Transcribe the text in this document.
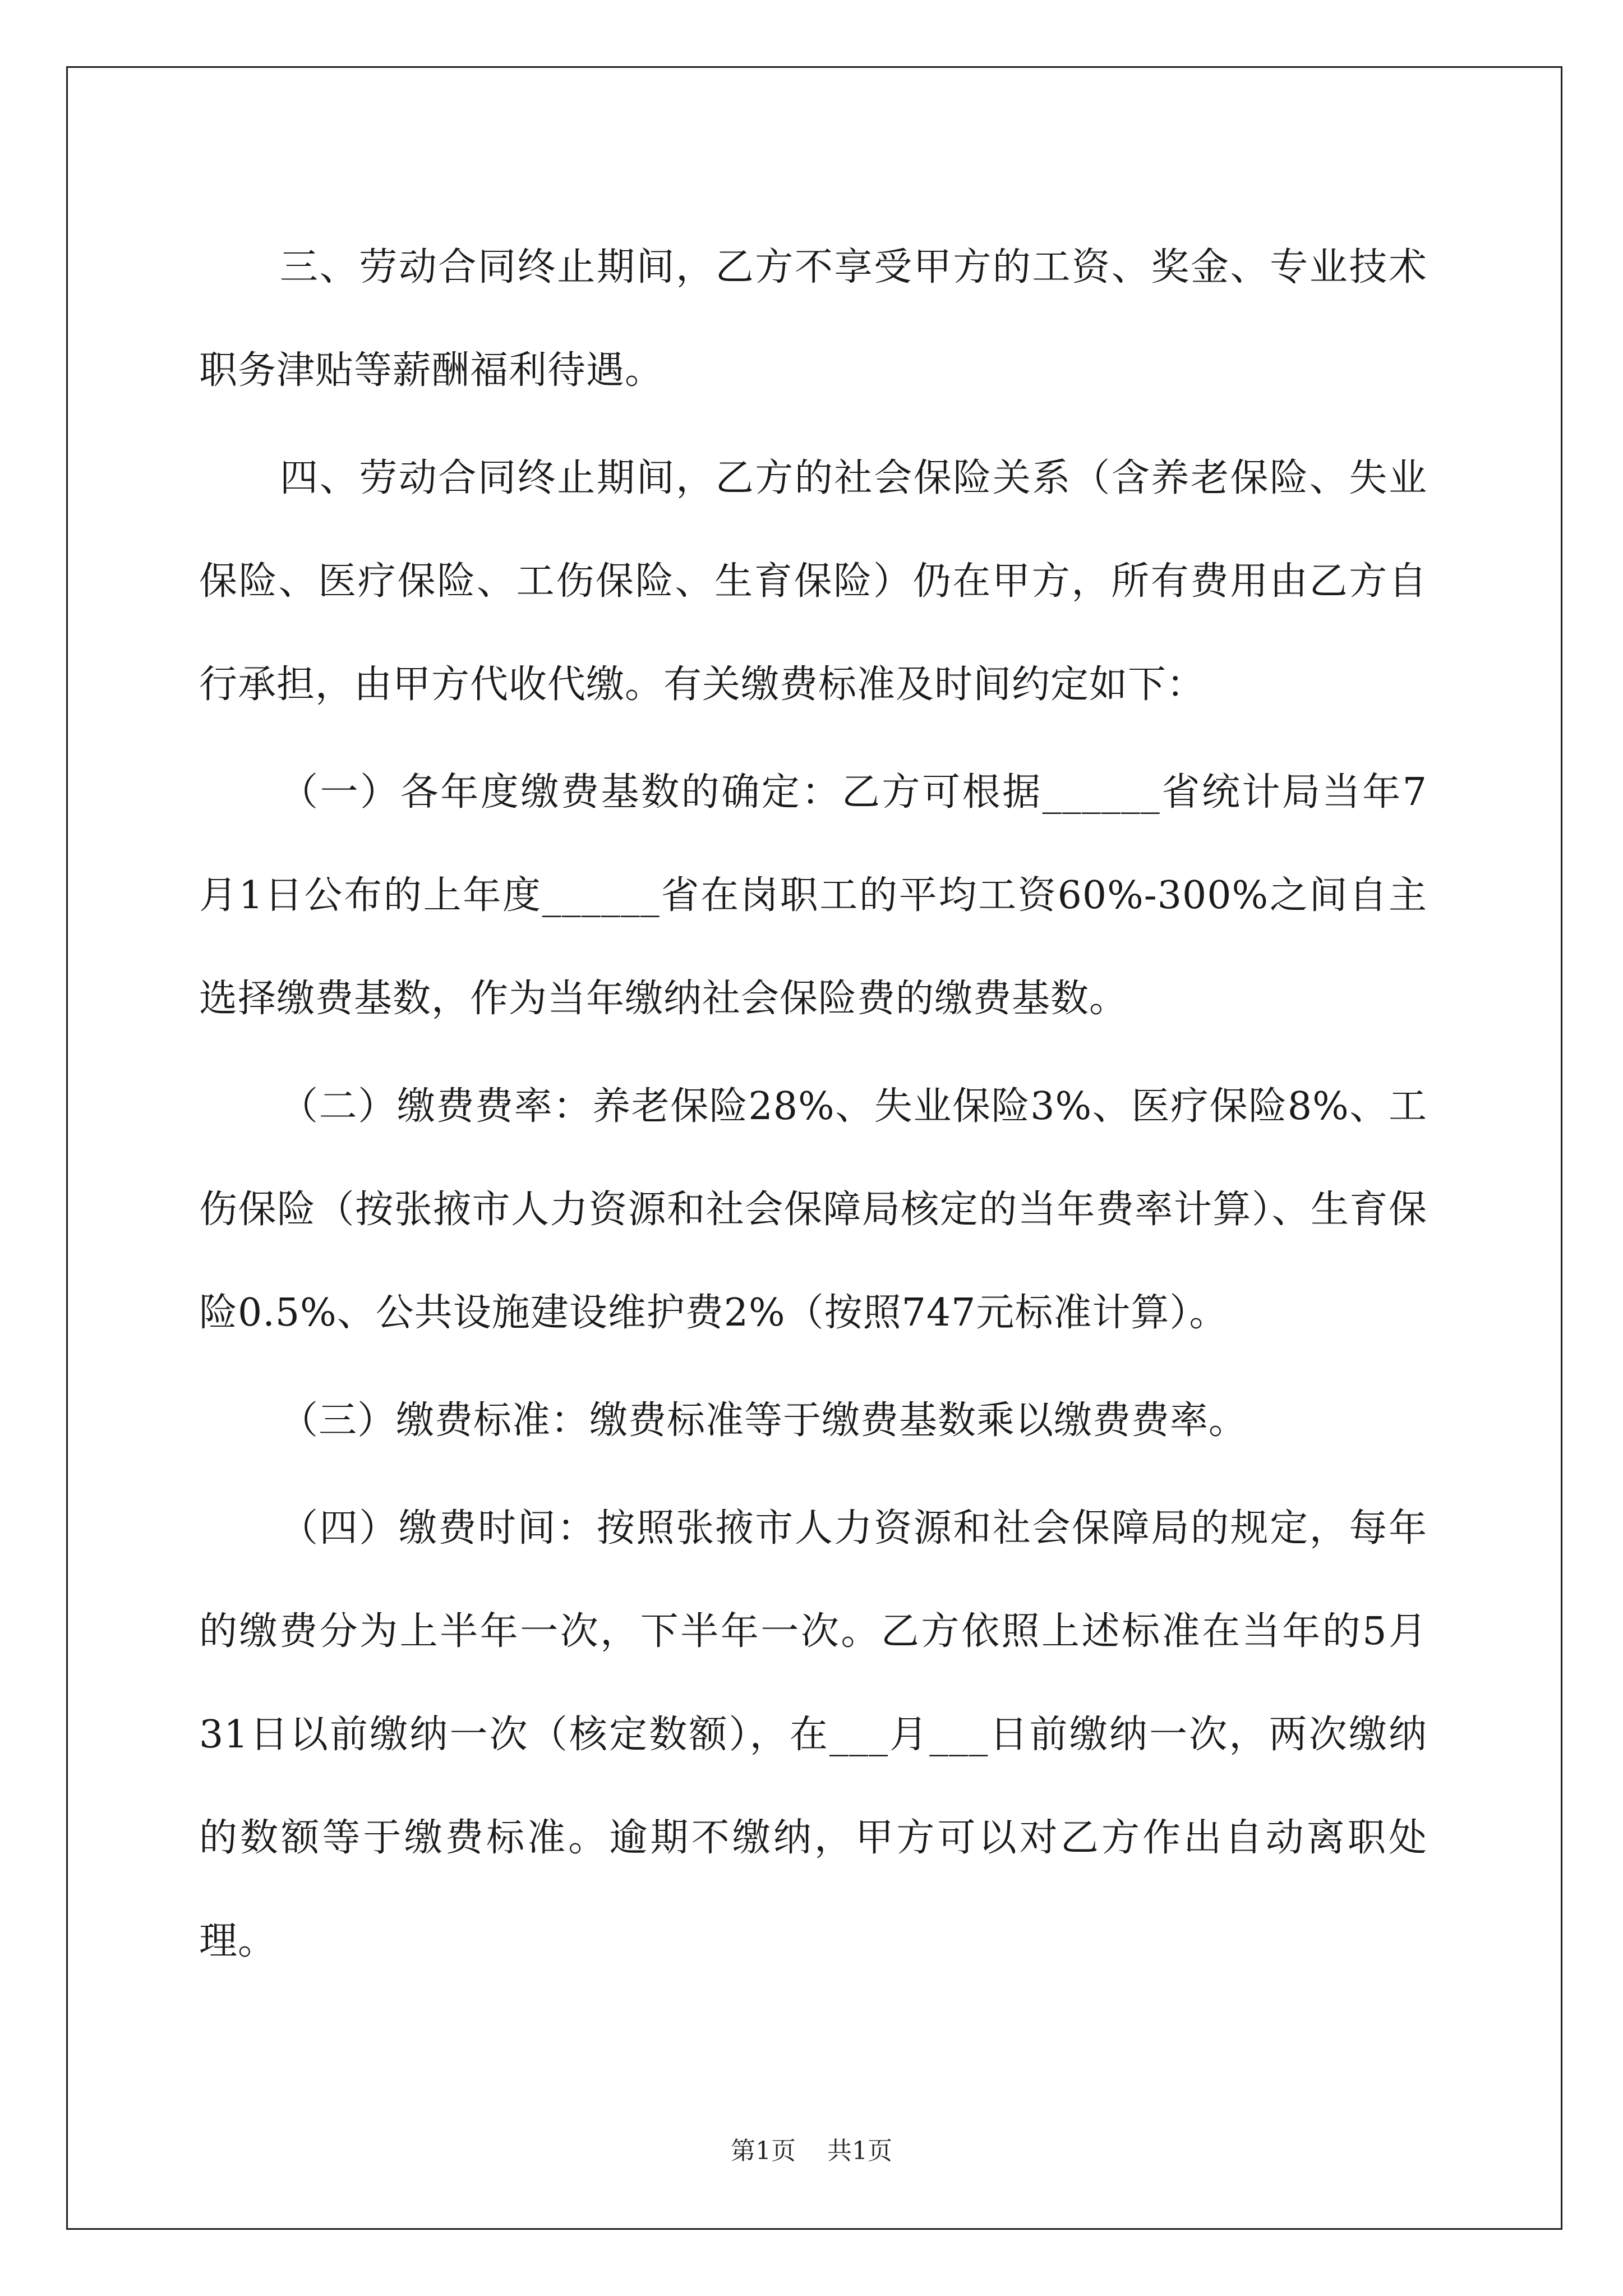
三、劳动合同终止期间，乙方不享受甲方的工资、奖金、专业技术职务津贴等薪酬福利待遇。

四、劳动合同终止期间，乙方的社会保险关系（含养老保险、失业保险、医疗保险、工伤保险、生育保险）仍在甲方，所有费用由乙方自行承担，由甲方代收代缴。有关缴费标准及时间约定如下：

（一）各年度缴费基数的确定：乙方可根据______省统计局当年7月1日公布的上年度______省在岗职工的平均工资60%-300%之间自主选择缴费基数，作为当年缴纳社会保险费的缴费基数。

（二）缴费费率：养老保险28%、失业保险3%、医疗保险8%、工伤保险（按张掖市人力资源和社会保障局核定的当年费率计算）、生育保险0.5%、公共设施建设维护费2%（按照747元标准计算）。

（三）缴费标准：缴费标准等于缴费基数乘以缴费费率。

（四）缴费时间：按照张掖市人力资源和社会保障局的规定，每年的缴费分为上半年一次，下半年一次。乙方依照上述标准在当年的5月31日以前缴纳一次（核定数额），在___月___日前缴纳一次，两次缴纳的数额等于缴费标准。逾期不缴纳，甲方可以对乙方作出自动离职处理。

第1页 共1页
